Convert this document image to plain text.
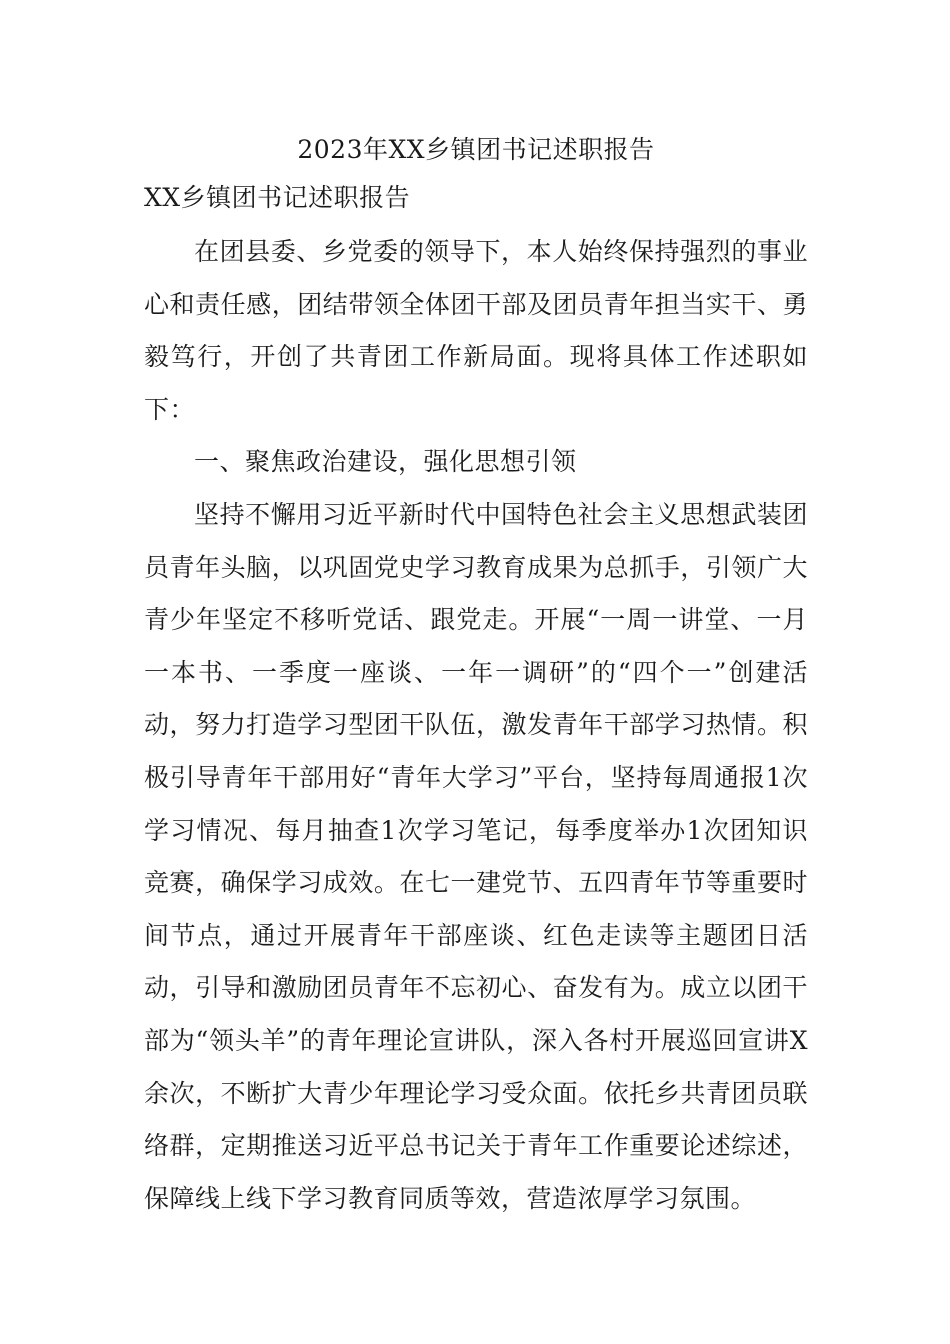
2023年XX乡镇团书记述职报告
XX乡镇团书记述职报告

在团县委、乡党委的领导下，本人始终保持强烈的事业心和责任感，团结带领全体团干部及团员青年担当实干、勇毅笃行，开创了共青团工作新局面。现将具体工作述职如下：

一、聚焦政治建设，强化思想引领

坚持不懈用习近平新时代中国特色社会主义思想武装团员青年头脑，以巩固党史学习教育成果为总抓手，引领广大青少年坚定不移听党话、跟党走。开展“一周一讲堂、一月一本书、一季度一座谈、一年一调研”的“四个一”创建活动，努力打造学习型团干队伍，激发青年干部学习热情。积极引导青年干部用好“青年大学习”平台，坚持每周通报1次学习情况、每月抽查1次学习笔记，每季度举办1次团知识竞赛，确保学习成效。在七一建党节、五四青年节等重要时间节点，通过开展青年干部座谈、红色走读等主题团日活动，引导和激励团员青年不忘初心、奋发有为。成立以团干部为“领头羊”的青年理论宣讲队，深入各村开展巡回宣讲X余次，不断扩大青少年理论学习受众面。依托乡共青团员联络群，定期推送习近平总书记关于青年工作重要论述综述，保障线上线下学习教育同质等效，营造浓厚学习氛围。
